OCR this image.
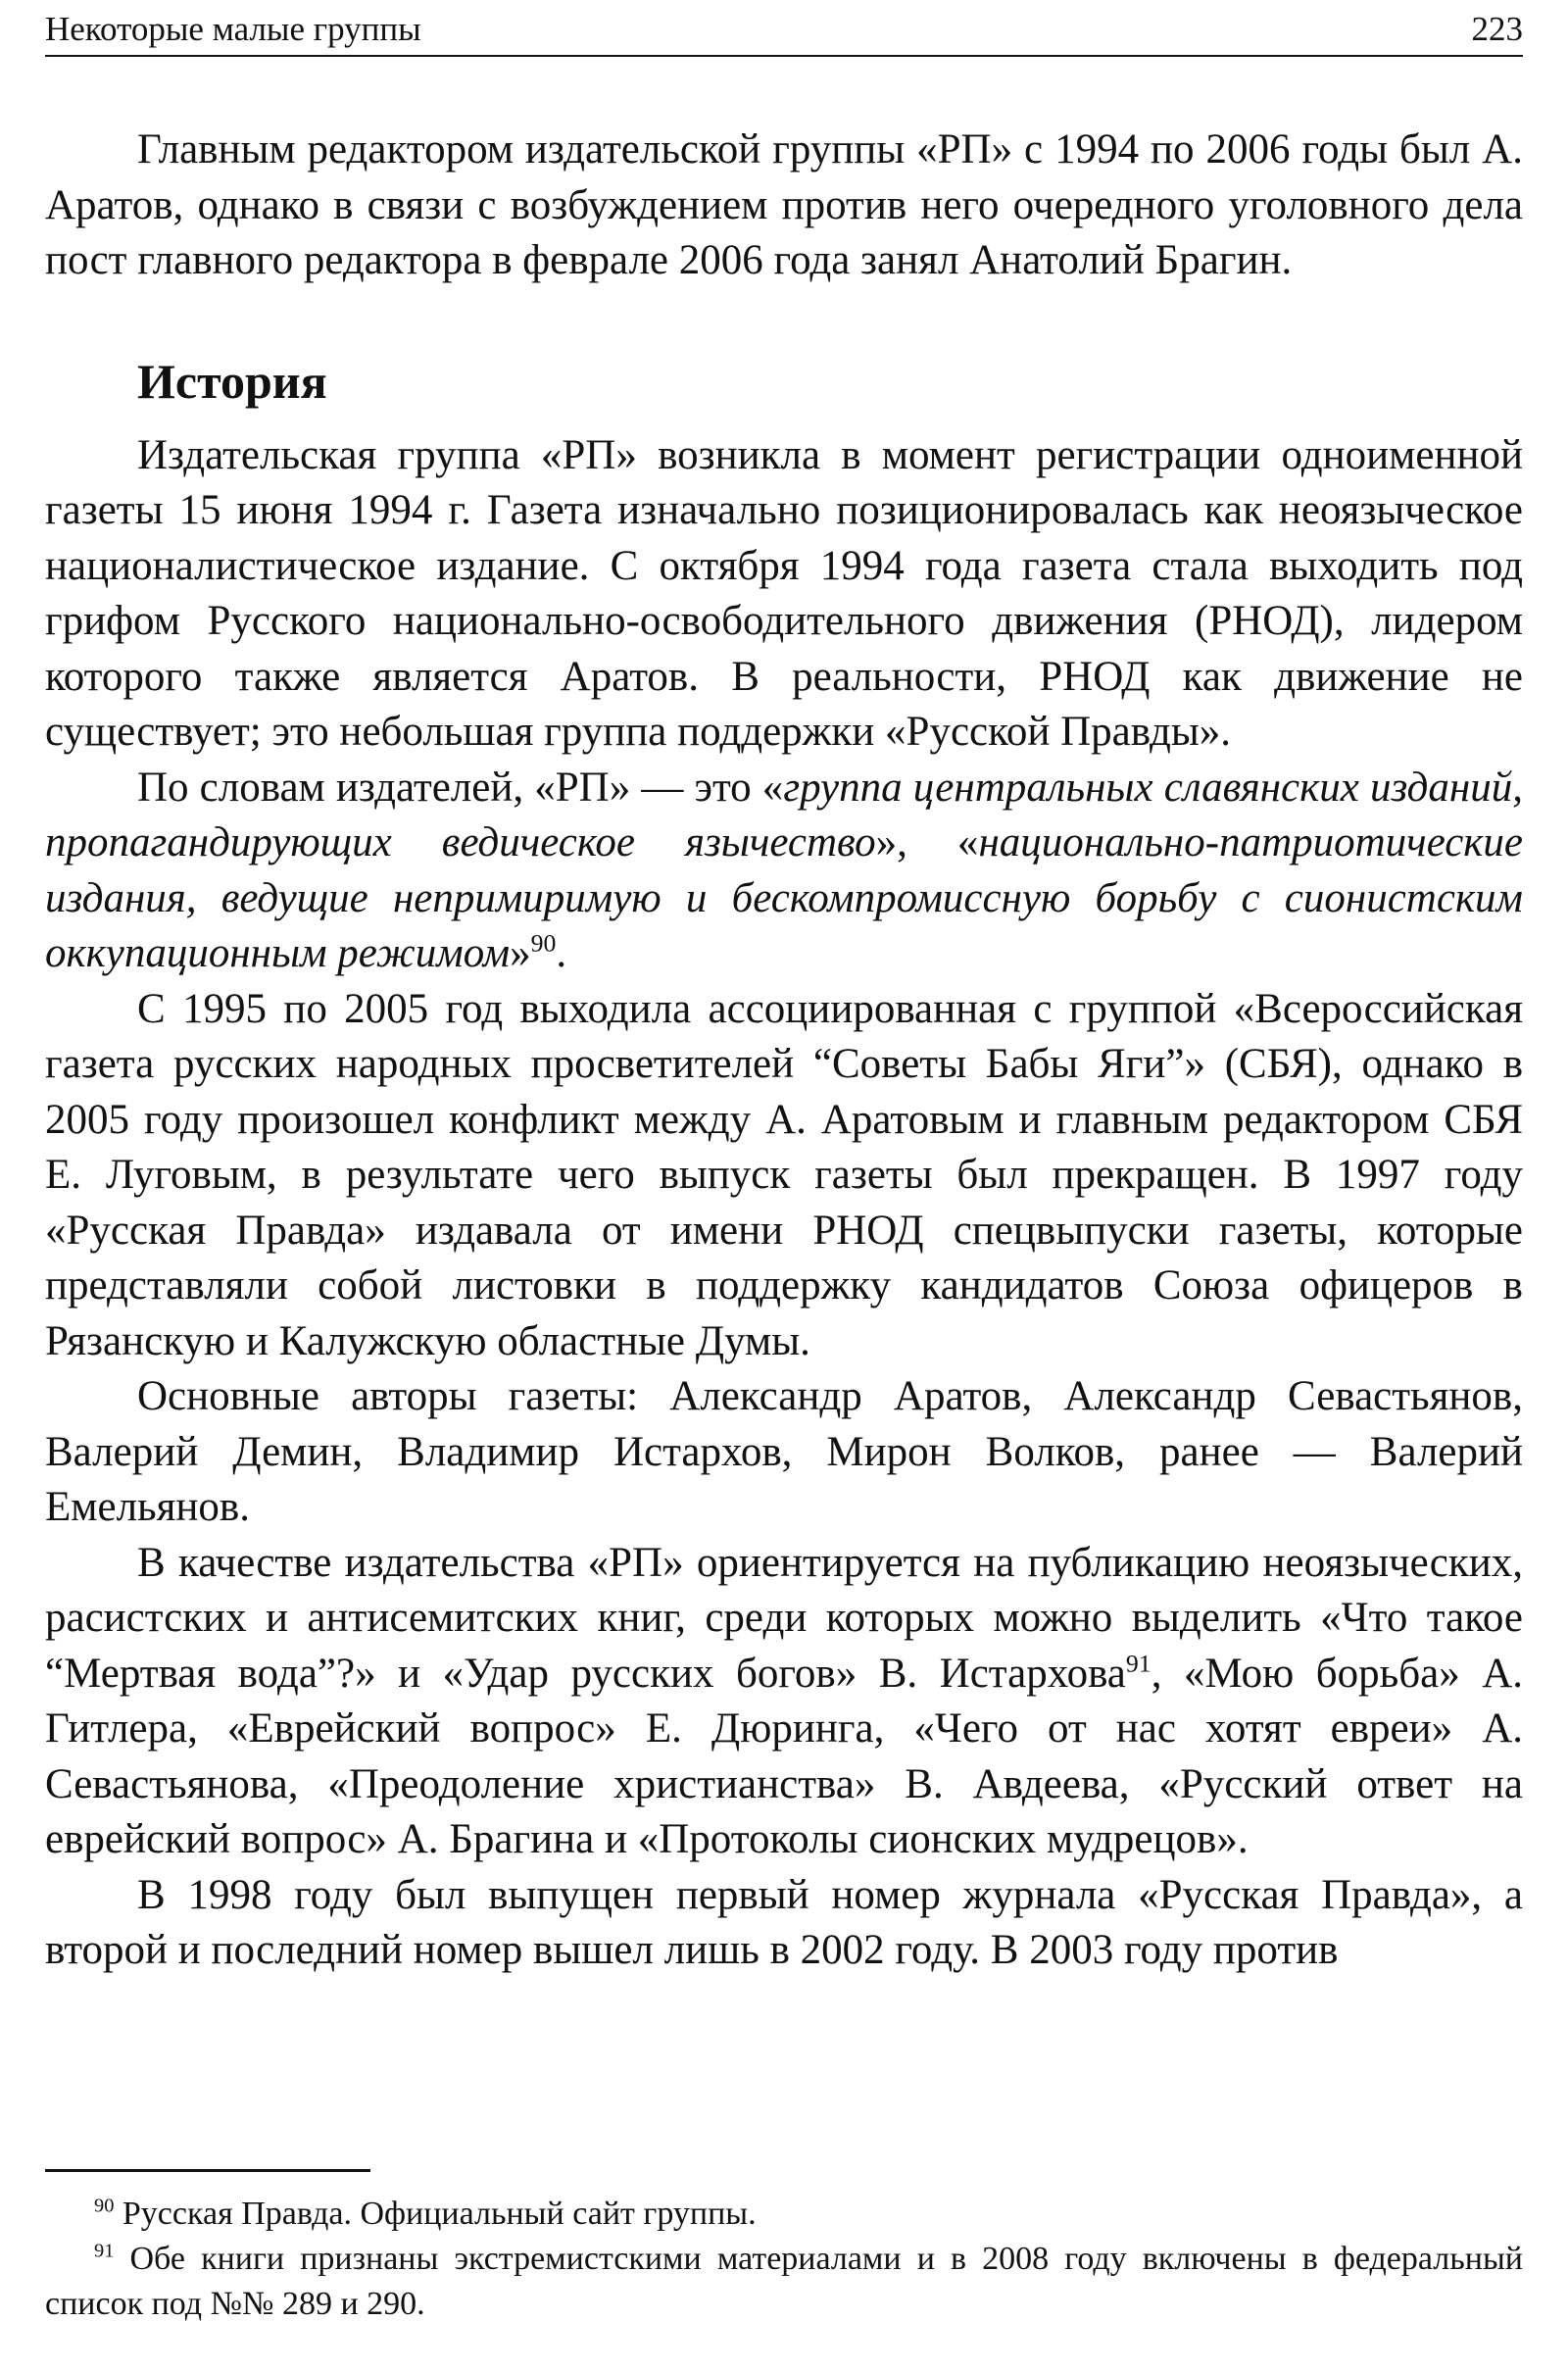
Некоторые малые группы	223

Главным редактором издательской группы «РП» с 1994 по 2006 годы был А. Аратов, однако в связи с возбуждением против него очередного уголовного дела пост главного редактора в феврале 2006 года занял Анатолий Брагин.

История

Издательская группа «РП» возникла в момент регистрации одноименной газеты 15 июня 1994 г. Газета изначально позиционировалась как неоязыческое националистическое издание. С октября 1994 года газета стала выходить под грифом Русского национально-освободительного движения (РНОД), лидером которого также является Аратов. В реальности, РНОД как движение не существует; это небольшая группа поддержки «Русской Правды».

По словам издателей, «РП» — это «группа центральных славянских изданий, пропагандирующих ведическое язычество», «национально-патриотические издания, ведущие непримиримую и бескомпромиссную борьбу с сионистским оккупационным режимом»$^{90}$.

С 1995 по 2005 год выходила ассоциированная с группой «Всероссийская газета русских народных просветителей “Советы Бабы Яги”» (СБЯ), однако в 2005 году произошел конфликт между А. Аратовым и главным редактором СБЯ Е. Луговым, в результате чего выпуск газеты был прекращен. В 1997 году «Русская Правда» издавала от имени РНОД спецвыпуски газеты, которые представляли собой листовки в поддержку кандидатов Союза офицеров в Рязанскую и Калужскую областные Думы.

Основные авторы газеты: Александр Аратов, Александр Севастьянов, Валерий Демин, Владимир Истархов, Мирон Волков, ранее — Валерий Емельянов.

В качестве издательства «РП» ориентируется на публикацию неоязыческих, расистских и антисемитских книг, среди которых можно выделить «Что такое “Мертвая вода”?» и «Удар русских богов» В. Истархова$^{91}$, «Мою борьба» А. Гитлера, «Еврейский вопрос» Е. Дюринга, «Чего от нас хотят евреи» А. Севастьянова, «Преодоление христианства» В. Авдеева, «Русский ответ на еврейский вопрос» А. Брагина и «Протоколы сионских мудрецов».

В 1998 году был выпущен первый номер журнала «Русская Правда», а второй и последний номер вышел лишь в 2002 году. В 2003 году против

$^{90}$ Русская Правда. Официальный сайт группы.

$^{91}$ Обе книги признаны экстремистскими материалами и в 2008 году включены в федеральный список под №№ 289 и 290.
